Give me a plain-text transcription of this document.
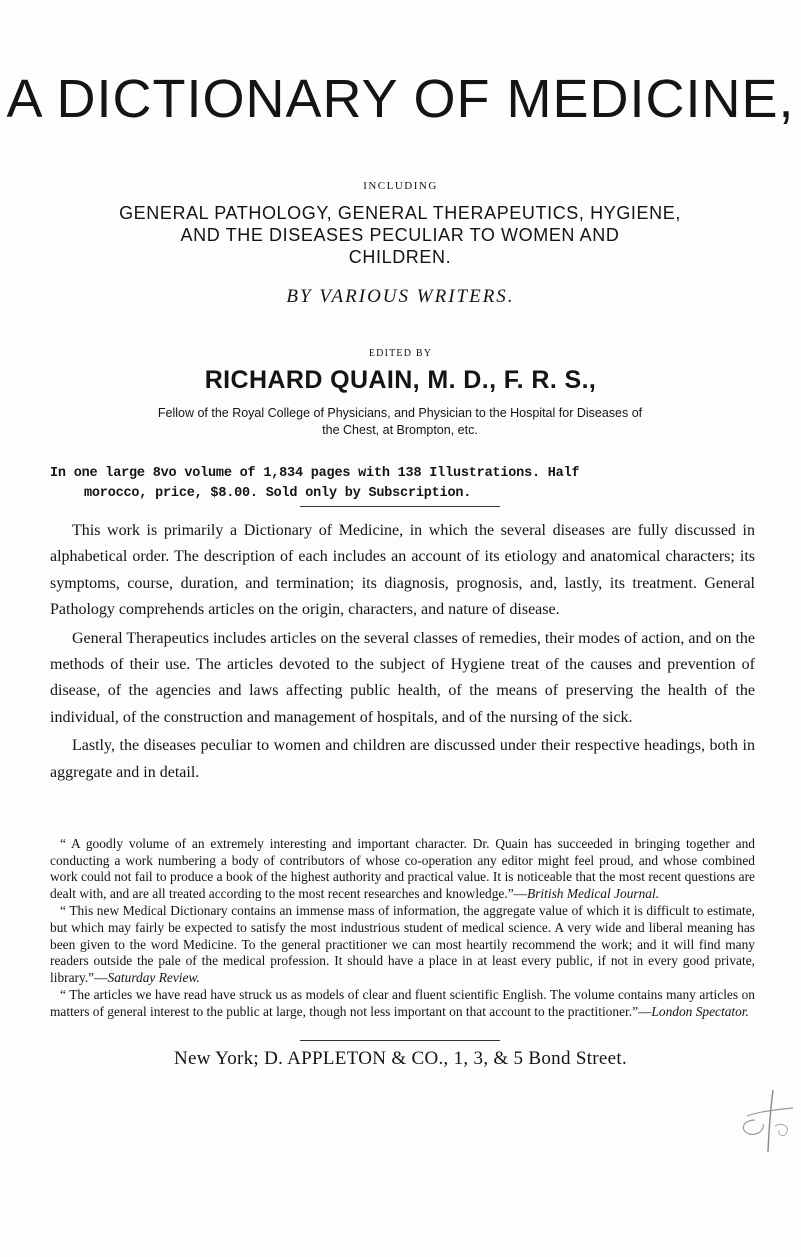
A DICTIONARY OF MEDICINE,
INCLUDING
GENERAL PATHOLOGY, GENERAL THERAPEUTICS, HYGIENE,
AND THE DISEASES PECULIAR TO WOMEN AND
CHILDREN.
BY VARIOUS WRITERS.
EDITED BY
RICHARD QUAIN, M. D., F. R. S.,
Fellow of the Royal College of Physicians, and Physician to the Hospital for Diseases of
the Chest, at Brompton, etc.
In one large 8vo volume of 1,834 pages with 138 Illustrations. Half
morocco, price, $8.00. Sold only by Subscription.

This work is primarily a Dictionary of Medicine, in which the several diseases are fully discussed in alphabetical order. The description of each includes an account of its etiology and anatomical characters; its symptoms, course, duration, and termination; its diagnosis, prognosis, and, lastly, its treatment. General Pathology comprehends articles on the origin, characters, and nature of disease.

General Therapeutics includes articles on the several classes of remedies, their modes of action, and on the methods of their use. The articles devoted to the subject of Hygiene treat of the causes and prevention of disease, of the agencies and laws affecting public health, of the means of preserving the health of the individual, of the construction and management of hospitals, and of the nursing of the sick.

Lastly, the diseases peculiar to women and children are discussed under their respective headings, both in aggregate and in detail.

“ A goodly volume of an extremely interesting and important character. Dr. Quain has succeeded in bringing together and conducting a work numbering a body of contributors of whose co-operation any editor might feel proud, and whose combined work could not fail to produce a book of the highest authority and practical value. It is noticeable that the most recent questions are dealt with, and are all treated according to the most recent researches and knowledge.”—British Medical Journal.

“ This new Medical Dictionary contains an immense mass of information, the aggregate value of which it is difficult to estimate, but which may fairly be expected to satisfy the most industrious student of medical science. A very wide and liberal meaning has been given to the word Medicine. To the general practitioner we can most heartily recommend the work; and it will find many readers outside the pale of the medical profession. It should have a place in at least every public, if not in every good private, library.”—Saturday Review.

“ The articles we have read have struck us as models of clear and fluent scientific English. The volume contains many articles on matters of general interest to the public at large, though not less important on that account to the practitioner.”—London Spectator.

New York; D. APPLETON & CO., 1, 3, & 5 Bond Street.
